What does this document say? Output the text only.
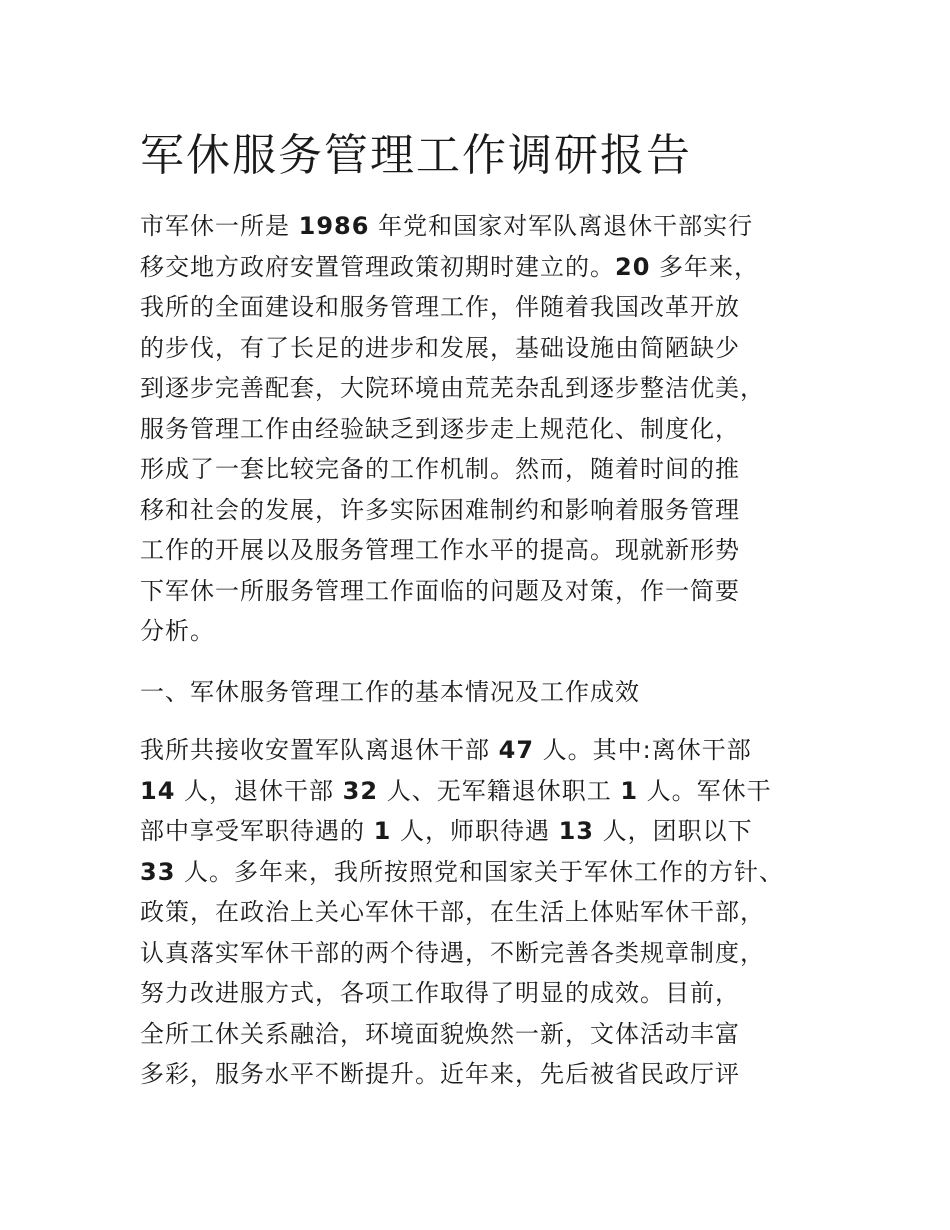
军休服务管理工作调研报告
市军休一所是 1986 年党和国家对军队离退休干部实行
移交地方政府安置管理政策初期时建立的。20 多年来，
我所的全面建设和服务管理工作，伴随着我国改革开放
的步伐，有了长足的进步和发展，基础设施由简陋缺少
到逐步完善配套，大院环境由荒芜杂乱到逐步整洁优美，
服务管理工作由经验缺乏到逐步走上规范化、制度化，
形成了一套比较完备的工作机制。然而，随着时间的推
移和社会的发展，许多实际困难制约和影响着服务管理
工作的开展以及服务管理工作水平的提高。现就新形势
下军休一所服务管理工作面临的问题及对策，作一简要
分析。
一、军休服务管理工作的基本情况及工作成效
我所共接收安置军队离退休干部 47 人。其中:离休干部
14 人，退休干部 32 人、无军籍退休职工 1 人。军休干
部中享受军职待遇的 1 人，师职待遇 13 人，团职以下
33 人。多年来，我所按照党和国家关于军休工作的方针、
政策，在政治上关心军休干部，在生活上体贴军休干部，
认真落实军休干部的两个待遇，不断完善各类规章制度，
努力改进服方式，各项工作取得了明显的成效。目前，
全所工休关系融洽，环境面貌焕然一新，文体活动丰富
多彩，服务水平不断提升。近年来，先后被省民政厅评
